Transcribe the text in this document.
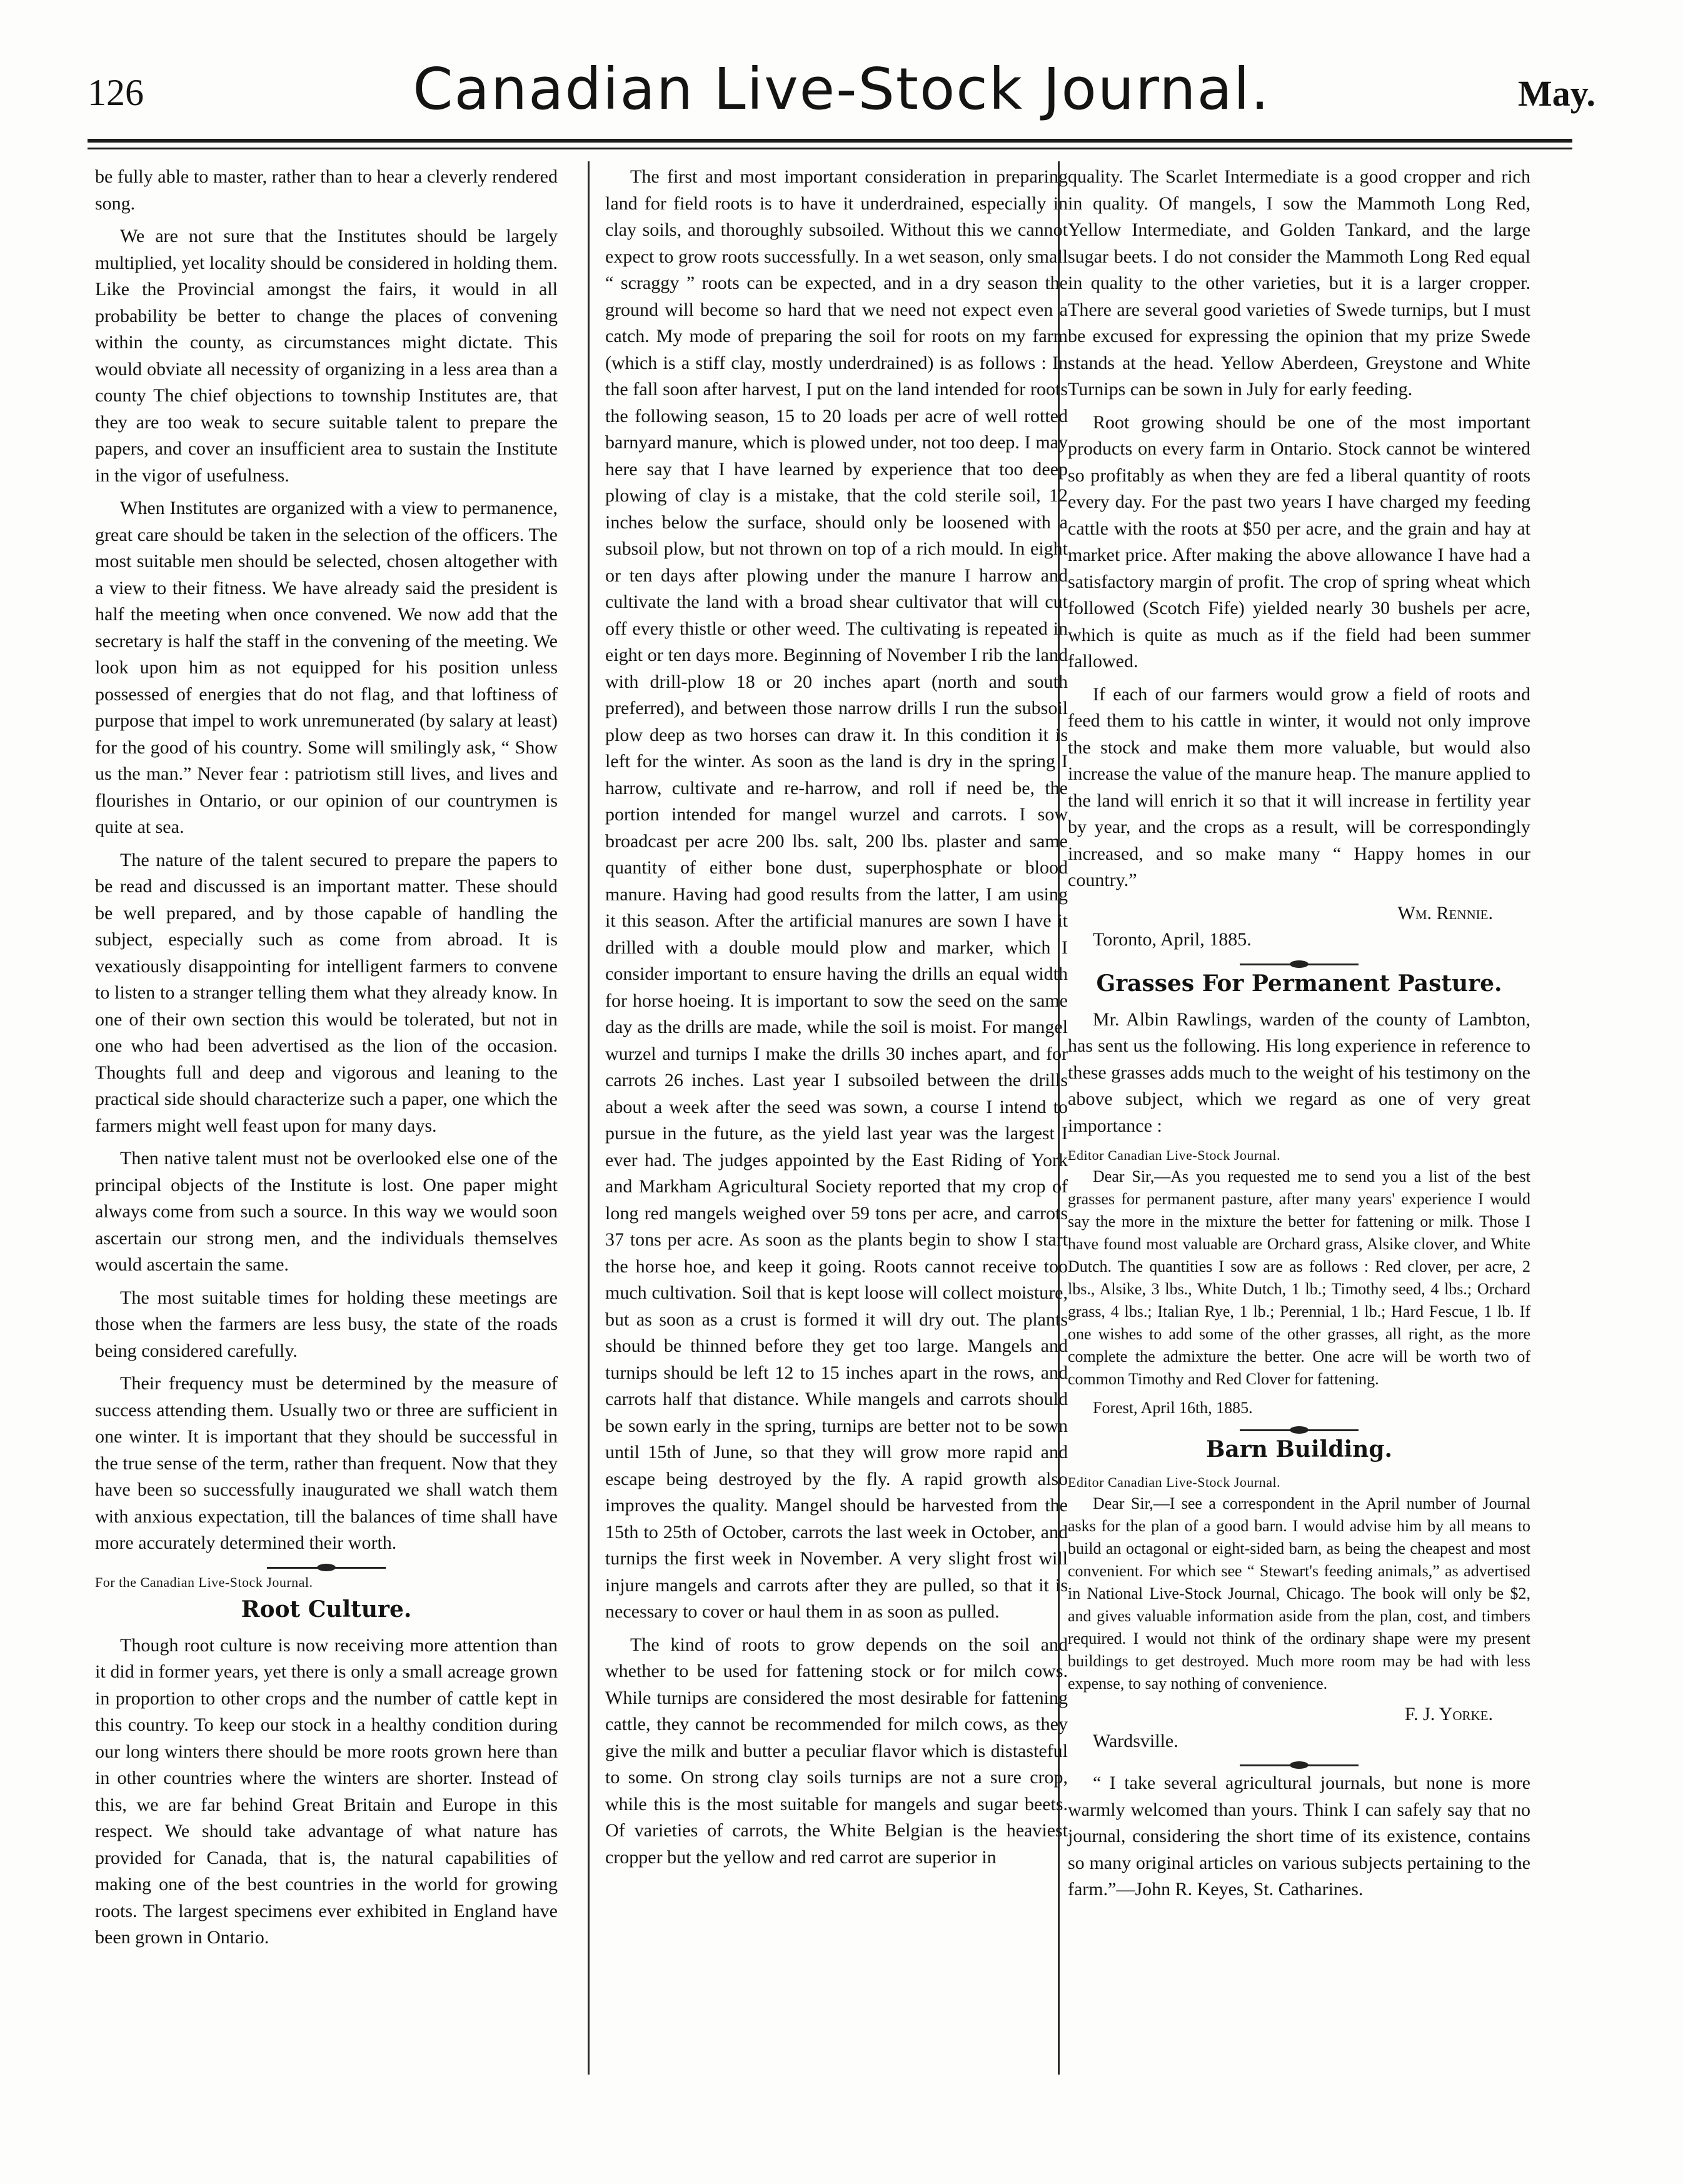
126	Canadian Live-Stock Journal.	May.

be fully able to master, rather than to hear a cleverly rendered song.

We are not sure that the Institutes should be largely multiplied, yet locality should be considered in holding them. Like the Provincial amongst the fairs, it would in all probability be better to change the places of convening within the county, as circumstances might dictate. This would obviate all necessity of organizing in a less area than a county The chief objections to township Institutes are, that they are too weak to secure suitable talent to prepare the papers, and cover an insufficient area to sustain the Institute in the vigor of usefulness.

When Institutes are organized with a view to permanence, great care should be taken in the selection of the officers. The most suitable men should be selected, chosen altogether with a view to their fitness. We have already said the president is half the meeting when once convened. We now add that the secretary is half the staff in the convening of the meeting. We look upon him as not equipped for his position unless possessed of energies that do not flag, and that loftiness of purpose that impel to work unremunerated (by salary at least) for the good of his country. Some will smilingly ask, “ Show us the man.” Never fear : patriotism still lives, and lives and flourishes in Ontario, or our opinion of our countrymen is quite at sea.

The nature of the talent secured to prepare the papers to be read and discussed is an important matter. These should be well prepared, and by those capable of handling the subject, especially such as come from abroad. It is vexatiously disappointing for intelligent farmers to convene to listen to a stranger telling them what they already know. In one of their own section this would be tolerated, but not in one who had been advertised as the lion of the occasion. Thoughts full and deep and vigorous and leaning to the practical side should characterize such a paper, one which the farmers might well feast upon for many days.

Then native talent must not be overlooked else one of the principal objects of the Institute is lost. One paper might always come from such a source. In this way we would soon ascertain our strong men, and the individuals themselves would ascertain the same.

The most suitable times for holding these meetings are those when the farmers are less busy, the state of the roads being considered carefully.

Their frequency must be determined by the measure of success attending them. Usually two or three are sufficient in one winter. It is important that they should be successful in the true sense of the term, rather than frequent. Now that they have been so successfully inaugurated we shall watch them with anxious expectation, till the balances of time shall have more accurately determined their worth.

For the Canadian Live-Stock Journal.
Root Culture.

Though root culture is now receiving more attention than it did in former years, yet there is only a small acreage grown in proportion to other crops and the number of cattle kept in this country. To keep our stock in a healthy condition during our long winters there should be more roots grown here than in other countries where the winters are shorter. Instead of this, we are far behind Great Britain and Europe in this respect. We should take advantage of what nature has provided for Canada, that is, the natural capabilities of making one of the best countries in the world for growing roots. The largest specimens ever exhibited in England have been grown in Ontario.

The first and most important consideration in preparing land for field roots is to have it underdrained, especially in clay soils, and thoroughly subsoiled. Without this we cannot expect to grow roots successfully. In a wet season, only small “ scraggy ” roots can be expected, and in a dry season the ground will become so hard that we need not expect even a catch. My mode of preparing the soil for roots on my farm (which is a stiff clay, mostly underdrained) is as follows : In the fall soon after harvest, I put on the land intended for roots the following season, 15 to 20 loads per acre of well rotted barnyard manure, which is plowed under, not too deep. I may here say that I have learned by experience that too deep plowing of clay is a mistake, that the cold sterile soil, 12 inches below the surface, should only be loosened with a subsoil plow, but not thrown on top of a rich mould. In eight or ten days after plowing under the manure I harrow and cultivate the land with a broad shear cultivator that will cut off every thistle or other weed. The cultivating is repeated in eight or ten days more. Beginning of November I rib the land with drill-plow 18 or 20 inches apart (north and south preferred), and between those narrow drills I run the subsoil plow deep as two horses can draw it. In this condition it is left for the winter. As soon as the land is dry in the spring I harrow, cultivate and re-harrow, and roll if need be, the portion intended for mangel wurzel and carrots. I sow broadcast per acre 200 lbs. salt, 200 lbs. plaster and same quantity of either bone dust, superphosphate or blood manure. Having had good results from the latter, I am using it this season. After the artificial manures are sown I have it drilled with a double mould plow and marker, which I consider important to ensure having the drills an equal width for horse hoeing. It is important to sow the seed on the same day as the drills are made, while the soil is moist. For mangel wurzel and turnips I make the drills 30 inches apart, and for carrots 26 inches. Last year I subsoiled between the drills about a week after the seed was sown, a course I intend to pursue in the future, as the yield last year was the largest I ever had. The judges appointed by the East Riding of York and Markham Agricultural Society reported that my crop of long red mangels weighed over 59 tons per acre, and carrots 37 tons per acre. As soon as the plants begin to show I start the horse hoe, and keep it going. Roots cannot receive too much cultivation. Soil that is kept loose will collect moisture, but as soon as a crust is formed it will dry out. The plants should be thinned before they get too large. Mangels and turnips should be left 12 to 15 inches apart in the rows, and carrots half that distance. While mangels and carrots should be sown early in the spring, turnips are better not to be sown until 15th of June, so that they will grow more rapid and escape being destroyed by the fly. A rapid growth also improves the quality. Mangel should be harvested from the 15th to 25th of October, carrots the last week in October, and turnips the first week in November. A very slight frost will injure mangels and carrots after they are pulled, so that it is necessary to cover or haul them in as soon as pulled.

The kind of roots to grow depends on the soil and whether to be used for fattening stock or for milch cows. While turnips are considered the most desirable for fattening cattle, they cannot be recommended for milch cows, as they give the milk and butter a peculiar flavor which is distasteful to some. On strong clay soils turnips are not a sure crop, while this is the most suitable for mangels and sugar beets. Of varieties of carrots, the White Belgian is the heaviest cropper but the yellow and red carrot are superior in

quality. The Scarlet Intermediate is a good cropper and rich in quality. Of mangels, I sow the Mammoth Long Red, Yellow Intermediate, and Golden Tankard, and the large sugar beets. I do not consider the Mammoth Long Red equal in quality to the other varieties, but it is a larger cropper. There are several good varieties of Swede turnips, but I must be excused for expressing the opinion that my prize Swede stands at the head. Yellow Aberdeen, Greystone and White Turnips can be sown in July for early feeding.

Root growing should be one of the most important products on every farm in Ontario. Stock cannot be wintered so profitably as when they are fed a liberal quantity of roots every day. For the past two years I have charged my feeding cattle with the roots at $50 per acre, and the grain and hay at market price. After making the above allowance I have had a satisfactory margin of profit. The crop of spring wheat which followed (Scotch Fife) yielded nearly 30 bushels per acre, which is quite as much as if the field had been summer fallowed.

If each of our farmers would grow a field of roots and feed them to his cattle in winter, it would not only improve the stock and make them more valuable, but would also increase the value of the manure heap. The manure applied to the land will enrich it so that it will increase in fertility year by year, and the crops as a result, will be correspondingly increased, and so make many “ Happy homes in our country.”

Wm. Rennie.
Toronto, April, 1885.
Grasses For Permanent Pasture.

Mr. Albin Rawlings, warden of the county of Lambton, has sent us the following. His long experience in reference to these grasses adds much to the weight of his testimony on the above subject, which we regard as one of very great importance :

Editor Canadian Live-Stock Journal.

Dear Sir,—As you requested me to send you a list of the best grasses for permanent pasture, after many years' experience I would say the more in the mixture the better for fattening or milk. Those I have found most valuable are Orchard grass, Alsike clover, and White Dutch. The quantities I sow are as follows : Red clover, per acre, 2 lbs., Alsike, 3 lbs., White Dutch, 1 lb.; Timothy seed, 4 lbs.; Orchard grass, 4 lbs.; Italian Rye, 1 lb.; Perennial, 1 lb.; Hard Fescue, 1 lb. If one wishes to add some of the other grasses, all right, as the more complete the admixture the better. One acre will be worth two of common Timothy and Red Clover for fattening.

Forest, April 16th, 1885.
Barn Building.
Editor Canadian Live-Stock Journal.

Dear Sir,—I see a correspondent in the April number of Journal asks for the plan of a good barn. I would advise him by all means to build an octagonal or eight-sided barn, as being the cheapest and most convenient. For which see “ Stewart's feeding animals,” as advertised in National Live-Stock Journal, Chicago. The book will only be $2, and gives valuable information aside from the plan, cost, and timbers required. I would not think of the ordinary shape were my present buildings to get destroyed. Much more room may be had with less expense, to say nothing of convenience.

F. J. Yorke.
Wardsville.

“ I take several agricultural journals, but none is more warmly welcomed than yours. Think I can safely say that no journal, considering the short time of its existence, contains so many original articles on various subjects pertaining to the farm.”—John R. Keyes, St. Catharines.
